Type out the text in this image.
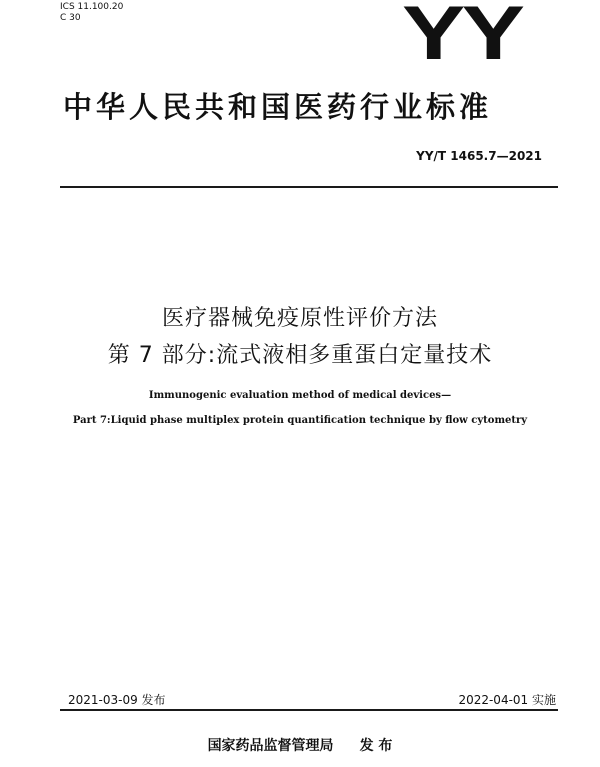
ICS 11.100.20
C 30	YY
中华人民共和国医药行业标准
YY/T 1465.7—2021
医疗器械免疫原性评价方法
第 7 部分:流式液相多重蛋白定量技术
Immunogenic evaluation method of medical devices—
Part 7:Liquid phase multiplex protein quantification technique by flow cytometry
2021-03-09 发布	2022-04-01 实施
国家药品监督管理局 发 布
